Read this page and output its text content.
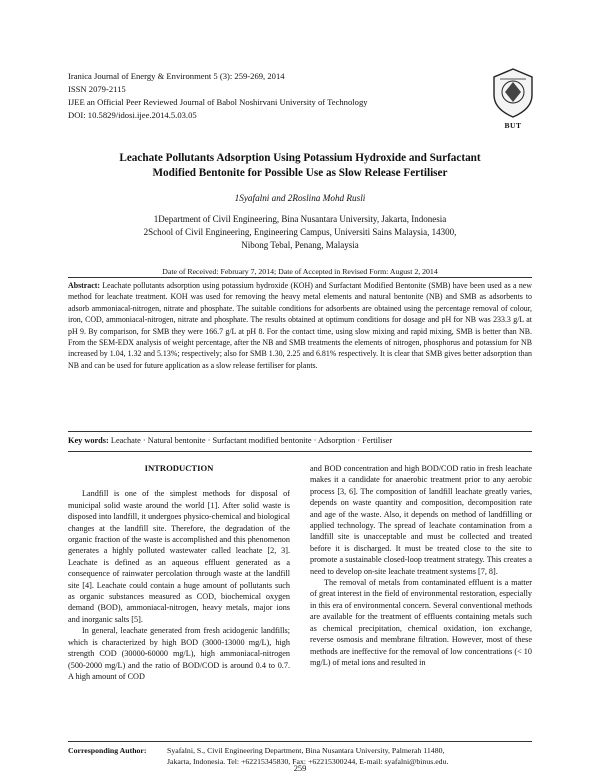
Iranica Journal of Energy & Environment 5 (3): 259-269, 2014
ISSN 2079-2115
IJEE an Official Peer Reviewed Journal of Babol Noshirvani University of Technology
DOI: 10.5829/idosi.ijee.2014.5.03.05
BUT
Leachate Pollutants Adsorption Using Potassium Hydroxide and Surfactant
Modified Bentonite for Possible Use as Slow Release Fertiliser
1Syafalni and 2Roslina Mohd Rusli
1Department of Civil Engineering, Bina Nusantara University, Jakarta, Indonesia
2School of Civil Engineering, Engineering Campus, Universiti Sains Malaysia, 14300,
Nibong Tebal, Penang, Malaysia
Date of Received: February 7, 2014; Date of Accepted in Revised Form: August 2, 2014
Abstract: Leachate pollutants adsorption using potassium hydroxide (KOH) and Surfactant Modified Bentonite (SMB) have been used as a new method for leachate treatment. KOH was used for removing the heavy metal elements and natural bentonite (NB) and SMB as adsorbents to adsorb ammoniacal-nitrogen, nitrate and phosphate. The suitable conditions for adsorbents are obtained using the percentage removal of colour, iron, COD, ammoniacal-nitrogen, nitrate and phosphate. The results obtained at optimum conditions for dosage and pH for NB was 233.3 g/L at pH 9. By comparison, for SMB they were 166.7 g/L at pH 8. For the contact time, using slow mixing and rapid mixing, SMB is better than NB. From the SEM-EDX analysis of weight percentage, after the NB and SMB treatments the elements of nitrogen, phosphorus and potassium for NB increased by 1.04, 1.32 and 5.13%; respectively; also for SMB 1.30, 2.25 and 6.81% respectively. It is clear that SMB gives better adsorption than NB and can be used for future application as a slow release fertiliser for plants.
Key words: Leachate · Natural bentonite · Surfactant modified bentonite · Adsorption · Fertiliser
INTRODUCTION

Landfill is one of the simplest methods for disposal of municipal solid waste around the world [1]. After solid waste is disposed into landfill, it undergoes physico-chemical and biological changes at the landfill site. Therefore, the degradation of the organic fraction of the waste is accomplished and this phenomenon generates a highly polluted wastewater called leachate [2, 3]. Leachate is defined as an aqueous effluent generated as a consequence of rainwater percolation through waste at the landfill site [4]. Leachate could contain a huge amount of pollutants such as organic substances measured as COD, biochemical oxygen demand (BOD), ammoniacal-nitrogen, heavy metals, major ions and inorganic salts [5].

In general, leachate generated from fresh acidogenic landfills; which is characterized by high BOD (3000-13000 mg/L), high strength COD (30000-60000 mg/L), high ammoniacal-nitrogen (500-2000 mg/L) and the ratio of BOD/COD is around 0.4 to 0.7. A high amount of COD

and BOD concentration and high BOD/COD ratio in fresh leachate makes it a candidate for anaerobic treatment prior to any aerobic process [3, 6]. The composition of landfill leachate greatly varies, depends on waste quantity and composition, decomposition rate and age of the waste. Also, it depends on method of landfilling or applied technology. The spread of leachate contamination from a landfill site is unacceptable and must be collected and treated before it is discharged. It must be treated close to the site to promote a sustainable closed-loop treatment strategy. This creates a need to develop on-site leachate treatment systems [7, 8].

The removal of metals from contaminated effluent is a matter of great interest in the field of environmental restoration, especially in this era of environmental concern. Several conventional methods are available for the treatment of effluents containing metals such as chemical precipitation, chemical oxidation, ion exchange, reverse osmosis and membrane filtration. However, most of these methods are ineffective for the removal of low concentrations (< 10 mg/L) of metal ions and resulted in

Corresponding Author:	Syafalni, S., Civil Engineering Department, Bina Nusantara University, Palmerah 11480,
Jakarta, Indonesia. Tel: +62215345830, Fax: +62215300244, E-mail: syafalni@binus.edu.
259
